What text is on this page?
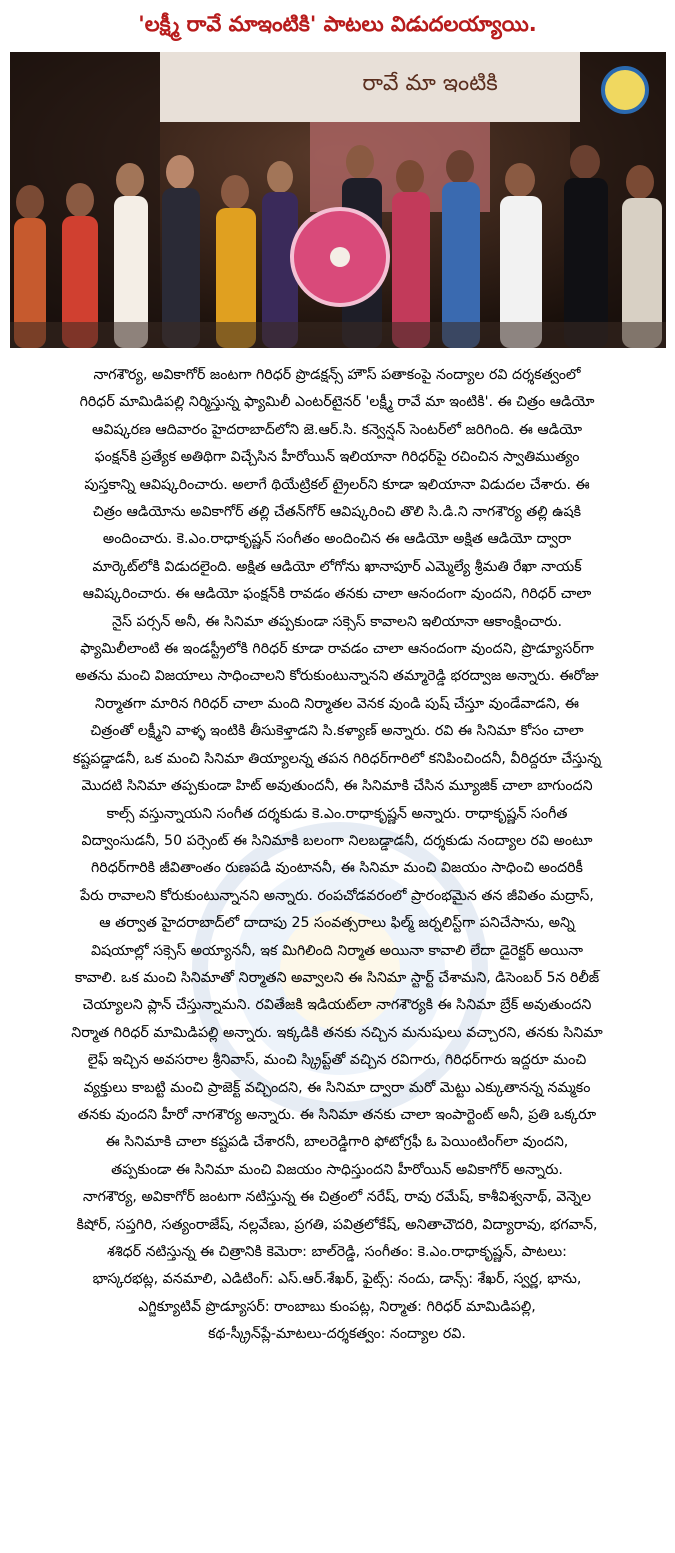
'లక్ష్మీ రావే మాఇంటికి' పాటలు విడుదలయ్యాయి.
రావే మా ఇంటికి

నాగశౌర్య, అవికాగోర్ జంటగా గిరిధర్ ప్రొడక్షన్స్ హౌస్ పతాకంపై నంద్యాల రవి దర్శకత్వంలో

గిరిధర్ మామిడిపల్లి నిర్మిస్తున్న ఫ్యామిలీ ఎంటర్‌టైనర్ 'లక్ష్మీ రావే మా ఇంటికి'. ఈ చిత్రం ఆడియో

ఆవిష్కరణ ఆదివారం హైదరాబాద్‌లోని జె.ఆర్.సి. కన్వెన్షన్ సెంటర్‌లో జరిగింది. ఈ ఆడియో

ఫంక్షన్‌కి ప్రత్యేక అతిథిగా విచ్చేసిన హీరోయిన్ ఇలియానా గిరిధర్‌పై రచించిన స్వాతిముత్యం

పుస్తకాన్ని ఆవిష్కరించారు. అలాగే థియేట్రికల్ ట్రైలర్‌ని కూడా ఇలియానా విడుదల చేశారు. ఈ

చిత్రం ఆడియోను అవికాగోర్ తల్లి చేతన్‌గోర్ ఆవిష్కరించి తొలి సి.డి.ని నాగశౌర్య తల్లి ఉషకి

అందించారు. కె.ఎం.రాధాకృష్ణన్ సంగీతం అందించిన ఈ ఆడియో అక్షిత ఆడియో ద్వారా

మార్కెట్‌లోకి విడుదలైంది. అక్షిత ఆడియో లోగోను ఖానాపూర్ ఎమ్మెల్యే శ్రీమతి రేఖా నాయక్

ఆవిష్కరించారు. ఈ ఆడియో ఫంక్షన్‌కి రావడం తనకు చాలా ఆనందంగా వుందని, గిరిధర్ చాలా

నైస్ పర్సన్ అనీ, ఈ సినిమా తప్పకుండా సక్సెస్ కావాలని ఇలియానా ఆకాంక్షించారు.

ఫ్యామిలీలాంటి ఈ ఇండస్ట్రీలోకి గిరిధర్ కూడా రావడం చాలా ఆనందంగా వుందని, ప్రొడ్యూసర్‌గా

అతను మంచి విజయాలు సాధించాలని కోరుకుంటున్నానని తమ్మారెడ్డి భరద్వాజ అన్నారు. ఈరోజు

నిర్మాతగా మారిన గిరిధర్ చాలా మంది నిర్మాతల వెనక వుండి పుష్ చేస్తూ వుండేవాడని, ఈ

చిత్రంతో లక్ష్మీని వాళ్ళ ఇంటికి తీసుకెళ్తాడని సి.కళ్యాణ్ అన్నారు. రవి ఈ సినిమా కోసం చాలా

కష్టపడ్డాడనీ, ఒక మంచి సినిమా తియ్యాలన్న తపన గిరిధర్‌గారిలో కనిపించిందనీ, వీరిద్దరూ చేస్తున్న

మొదటి సినిమా తప్పకుండా హిట్ అవుతుందనీ, ఈ సినిమాకి చేసిన మ్యూజిక్ చాలా బాగుందని

కాల్స్ వస్తున్నాయని సంగీత దర్శకుడు కె.ఎం.రాధాకృష్ణన్ అన్నారు. రాధాకృష్ణన్ సంగీత

విద్వాంసుడనీ, 50 పర్సెంట్ ఈ సినిమాకి బలంగా నిలబడ్డాడనీ, దర్శకుడు నంద్యాల రవి అంటూ

గిరిధర్‌గారికి జీవితాంతం రుణపడి వుంటాననీ, ఈ సినిమా మంచి విజయం సాధించి అందరికీ

పేరు రావాలని కోరుకుంటున్నానని అన్నారు. రంపచోడవరంలో ప్రారంభమైన తన జీవితం మద్రాస్,

ఆ తర్వాత హైదరాబాద్‌లో దాదాపు 25 సంవత్సరాలు ఫిల్మ్ జర్నలిస్ట్‌గా పనిచేసాను, అన్ని

విషయాల్లో సక్సెస్ అయ్యాననీ, ఇక మిగిలింది నిర్మాత అయినా కావాలి లేదా డైరెక్టర్ అయినా

కావాలి. ఒక మంచి సినిమాతో నిర్మాతని అవ్వాలని ఈ సినిమా స్టార్ట్ చేశామని, డిసెంబర్ 5న రిలీజ్

చెయ్యాలని ప్లాన్ చేస్తున్నామని. రవితేజకి ఇడియట్‌లా నాగశౌర్యకి ఈ సినిమా బ్రేక్ అవుతుందని

నిర్మాత గిరిధర్ మామిడిపల్లి అన్నారు. ఇక్కడికి తనకు నచ్చిన మనుషులు వచ్చారని, తనకు సినిమా

లైఫ్ ఇచ్చిన అవసరాల శ్రీనివాస్, మంచి స్క్రిప్ట్‌తో వచ్చిన రవిగారు, గిరిధర్‌గారు ఇద్దరూ మంచి

వ్యక్తులు కాబట్టి మంచి ప్రాజెక్ట్ వచ్చిందని, ఈ సినిమా ద్వారా మరో మెట్టు ఎక్కుతానన్న నమ్మకం

తనకు వుందని హీరో నాగశౌర్య అన్నారు. ఈ సినిమా తనకు చాలా ఇంపార్టెంట్ అనీ, ప్రతి ఒక్కరూ

ఈ సినిమాకి చాలా కష్టపడి చేశారనీ, బాలరెడ్డిగారి ఫోటోగ్రఫీ ఓ పెయింటింగ్‌లా వుందని,

తప్పకుండా ఈ సినిమా మంచి విజయం సాధిస్తుందని హీరోయిన్ అవికాగోర్ అన్నారు.

నాగశౌర్య, అవికాగోర్ జంటగా నటిస్తున్న ఈ చిత్రంలో నరేష్, రావు రమేష్, కాశీవిశ్వనాథ్, వెన్నెల

కిషోర్, సప్తగిరి, సత్యంరాజేష్, నల్లవేణు, ప్రగతి, పవిత్రలోకేష్, అనితాచౌదరి, విద్యారావు, భగవాన్,

శశిధర్ నటిస్తున్న ఈ చిత్రానికి కెమెరా: బాల్‌రెడ్డి, సంగీతం: కె.ఎం.రాధాకృష్ణన్, పాటలు:

భాస్కరభట్ల, వనమాలి, ఎడిటింగ్: ఎస్.ఆర్.శేఖర్, ఫైట్స్: నందు, డాన్స్: శేఖర్, స్వర్ణ, భాను,

ఎగ్జిక్యూటివ్ ప్రొడ్యూసర్: రాంబాబు కుంపట్ల, నిర్మాత: గిరిధర్ మామిడిపల్లి,

కథ-స్క్రీన్‌ప్లే-మాటలు-దర్శకత్వం: నంద్యాల రవి.
